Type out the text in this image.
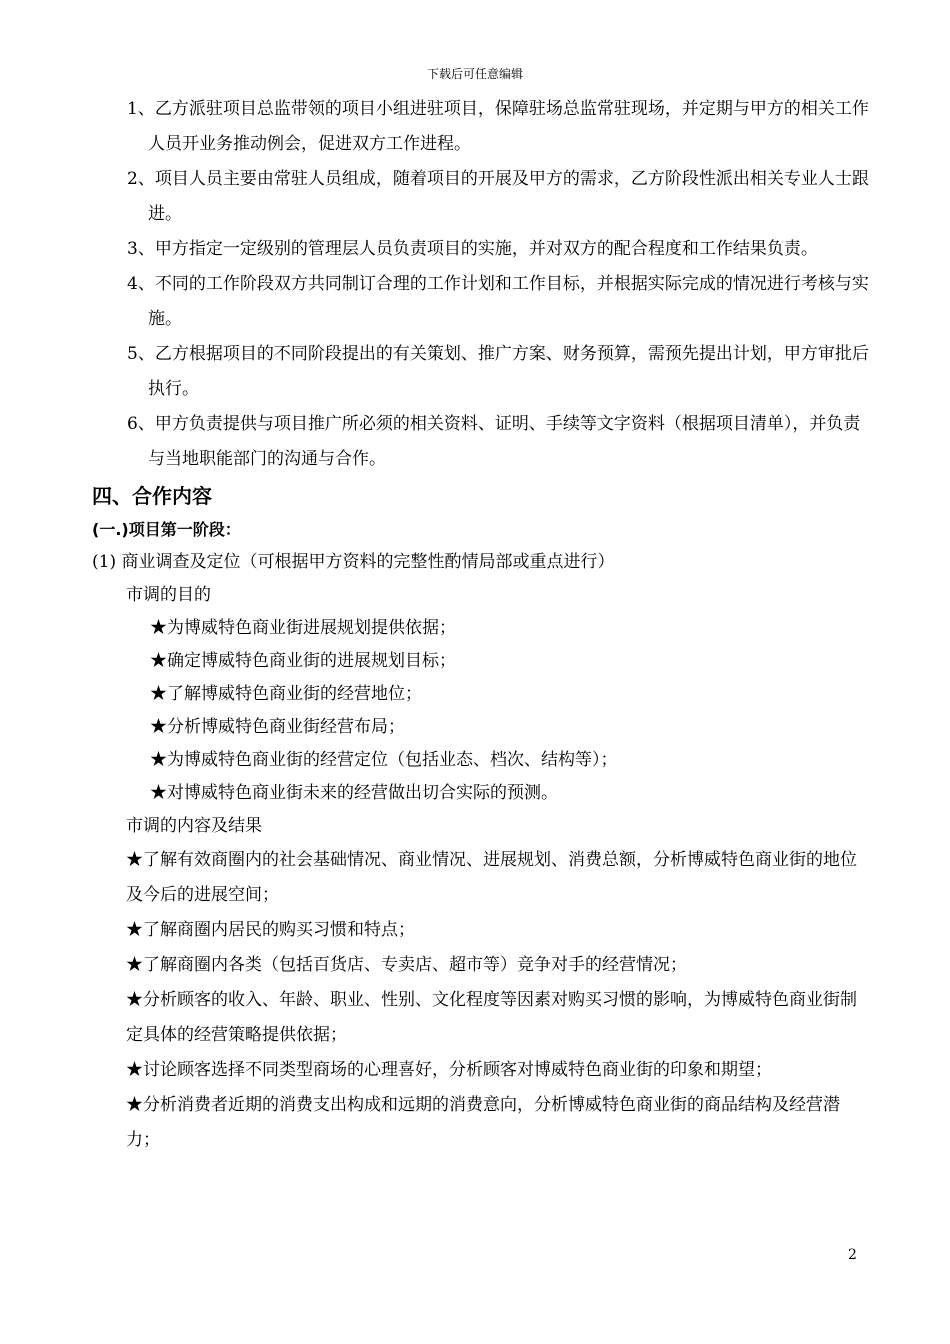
下载后可任意编辑
1、乙方派驻项目总监带领的项目小组进驻项目，保障驻场总监常驻现场，并定期与甲方的相关工作人员开业务推动例会，促进双方工作进程。
2、项目人员主要由常驻人员组成，随着项目的开展及甲方的需求，乙方阶段性派出相关专业人士跟进。
3、甲方指定一定级别的管理层人员负责项目的实施，并对双方的配合程度和工作结果负责。
4、不同的工作阶段双方共同制订合理的工作计划和工作目标，并根据实际完成的情况进行考核与实施。
5、乙方根据项目的不同阶段提出的有关策划、推广方案、财务预算，需预先提出计划，甲方审批后执行。
6、甲方负责提供与项目推广所必须的相关资料、证明、手续等文字资料（根据项目清单），并负责与当地职能部门的沟通与合作。
四、合作内容
(一.)项目第一阶段：
(1) 商业调查及定位（可根据甲方资料的完整性酌情局部或重点进行）
市调的目的
★为博威特色商业街进展规划提供依据；
★确定博威特色商业街的进展规划目标；
★了解博威特色商业街的经营地位；
★分析博威特色商业街经营布局；
★为博威特色商业街的经营定位（包括业态、档次、结构等）；
★对博威特色商业街未来的经营做出切合实际的预测。
市调的内容及结果
★了解有效商圈内的社会基础情况、商业情况、进展规划、消费总额，分析博威特色商业街的地位及今后的进展空间；
★了解商圈内居民的购买习惯和特点；
★了解商圈内各类（包括百货店、专卖店、超市等）竞争对手的经营情况；
★分析顾客的收入、年龄、职业、性别、文化程度等因素对购买习惯的影响，为博威特色商业街制定具体的经营策略提供依据；
★讨论顾客选择不同类型商场的心理喜好，分析顾客对博威特色商业街的印象和期望；
★分析消费者近期的消费支出构成和远期的消费意向，分析博威特色商业街的商品结构及经营潜力；
2
